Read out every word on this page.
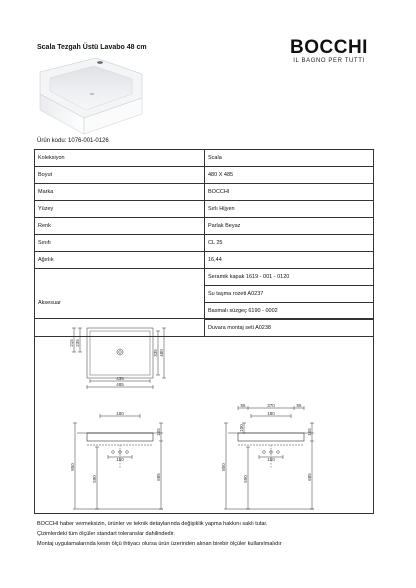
Scala Tezgah Üstü Lavabo 48 cm	BOCCHI
IL BAGNO PER TUTTI
Ürün kodu: 1076-001-0126
Koleksiyon	Scala
Boyut	480 X 485
Marka	BOCCHI
Yüzey	Sırlı Hijyen
Renk	Parlak Beyaz
Sınıfı	CL 25
Ağırlık	16,44
Aksesuar	Seramik kapak 1619 - 001 - 0120
	Su taşma rozeti A0237
	Basmalı süzgeç 6190 - 0002
	Duvara montaj seti A0238
235
215
335 480
435
485
180
165
150
850
590	685
55	370	55
180
100
165
150
850
590	685
BOCCHI haber vermeksizin, ürünler ve teknik detaylarında değişiklik yapma hakkını saklı tutar.
Çizimlerdeki tüm ölçüler standart toleranslar dahilindedir.
Montaj uygulamalarında kesin ölçü ihtiyacı olursa ürün üzerinden alınan birebir ölçüler kullanılmalıdır
